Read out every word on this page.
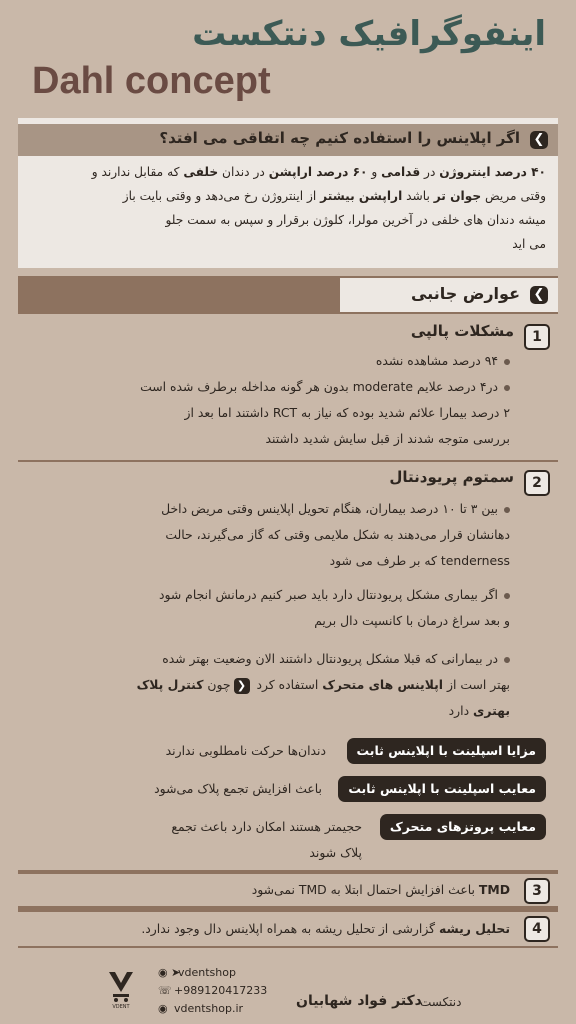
اینفوگرافیک دنتکست
Dahl concept
❯
اگر اپلاینس را استفاده کنیم چه اتفاقی می افتد؟
۴۰ درصد اینتروژن در قدامی و ۶۰ درصد اراپشن در دندان خلفی که مقابل ندارند و
وقتی مریض جوان تر باشد اراپشن بیشتر از اینتروژن رخ می‌دهد و وقتی بایت باز
میشه دندان های خلفی در آخرین مولرا، کلوژن برقرار و سپس به سمت جلو
می اید
❯
عوارض جانبی
1
مشکلات پالپی
۹۴ درصد مشاهده نشده
در۴ درصد علایم moderate بدون هر گونه مداخله برطرف شده است
۲ درصد بیمارا علائم شدید بوده که نیاز به RCT داشتند اما بعد از
بررسی متوجه شدند از قبل سایش شدید داشتند
2
سمتوم پریودنتال
بین ۳ تا ۱۰ درصد بیماران، هنگام تحویل اپلاینس وقتی مریض داخل
دهانشان قرار می‌دهند به شکل ملایمی وقتی که گاز می‌گیرند، حالت
tenderness که بر طرف می شود
اگر بیماری مشکل پریودنتال دارد باید صبر کنیم درمانش انجام شود
و بعد سراغ درمان با کانسپت دال بریم
در بیمارانی که قبلا مشکل پریودنتال داشتند الان وضعیت بهتر شده
بهتر است از اپلاینس های متحرک استفاده کرد ❮چون کنترل پلاک
بهتری دارد
مزایا اسپلینت با اپلاینس ثابت
دندان‌ها حرکت نامطلوبی ندارند
معایب اسپلینت با اپلاینس ثابت
باعث افزایش تجمع پلاک می‌شود
معایب پروتزهای متحرک
حجیمتر هستند امکان دارد باعث تجمع
پلاک شوند
3
TMD باعث افزایش احتمال ابتلا به TMD نمی‌شود
4
تحلیل ریشه گزارشی از تحلیل ریشه به همراه اپلاینس دال وجود ندارد.
VDENT
◉ ➤
vdentshop
☏ +989120417233
◉ vdentshop.ir	دکتر فواد شهابیان
دنتکست
